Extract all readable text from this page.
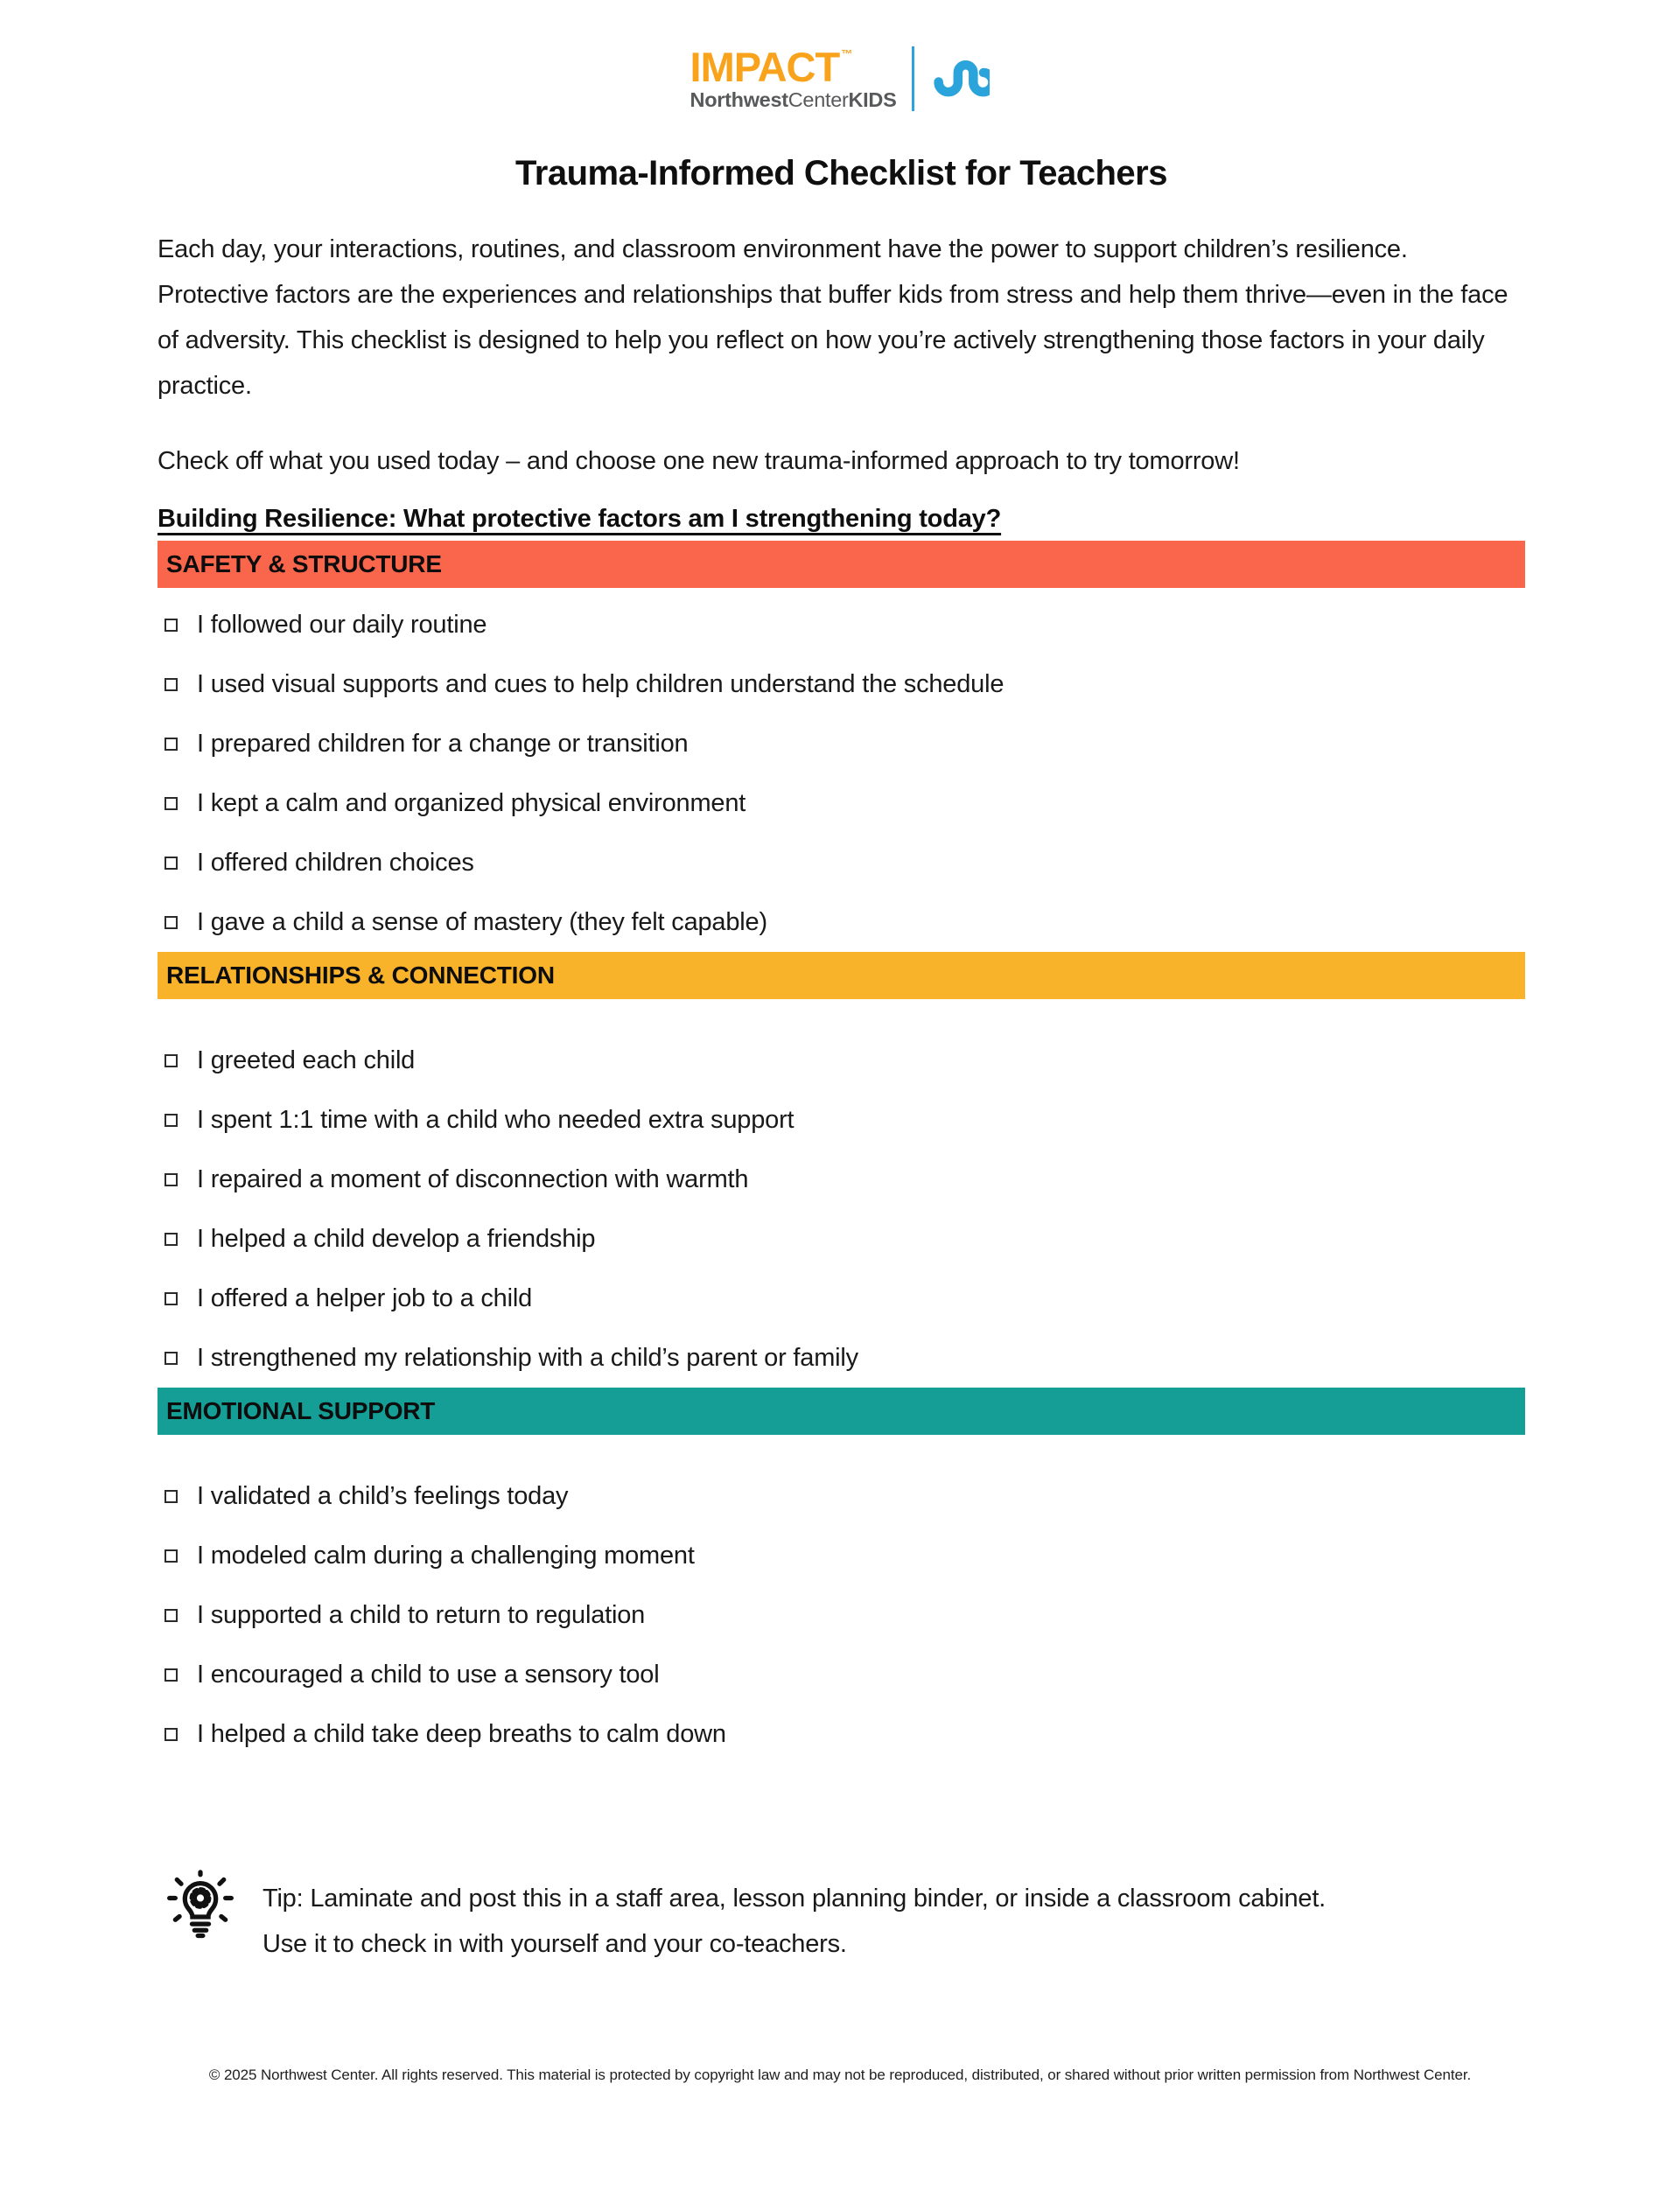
IMPACT ™
NorthwestCenterKIDS
Trauma-Informed Checklist for Teachers
Each day, your interactions, routines, and classroom environment have the power to support children’s resilience. Protective factors are the experiences and relationships that buffer kids from stress and help them thrive—even in the face of adversity. This checklist is designed to help you reflect on how you’re actively strengthening those factors in your daily practice.
Check off what you used today – and choose one new trauma-informed approach to try tomorrow!
Building Resilience: What protective factors am I strengthening today?
SAFETY & STRUCTURE
I followed our daily routine
I used visual supports and cues to help children understand the schedule
I prepared children for a change or transition
I kept a calm and organized physical environment
I offered children choices
I gave a child a sense of mastery (they felt capable)
RELATIONSHIPS & CONNECTION
I greeted each child
I spent 1:1 time with a child who needed extra support
I repaired a moment of disconnection with warmth
I helped a child develop a friendship
I offered a helper job to a child
I strengthened my relationship with a child’s parent or family
EMOTIONAL SUPPORT
I validated a child’s feelings today
I modeled calm during a challenging moment
I supported a child to return to regulation
I encouraged a child to use a sensory tool
I helped a child take deep breaths to calm down
Tip: Laminate and post this in a staff area, lesson planning binder, or inside a classroom cabinet.
Use it to check in with yourself and your co-teachers.
© 2025 Northwest Center. All rights reserved. This material is protected by copyright law and may not be reproduced, distributed, or shared without prior written permission from Northwest Center.
